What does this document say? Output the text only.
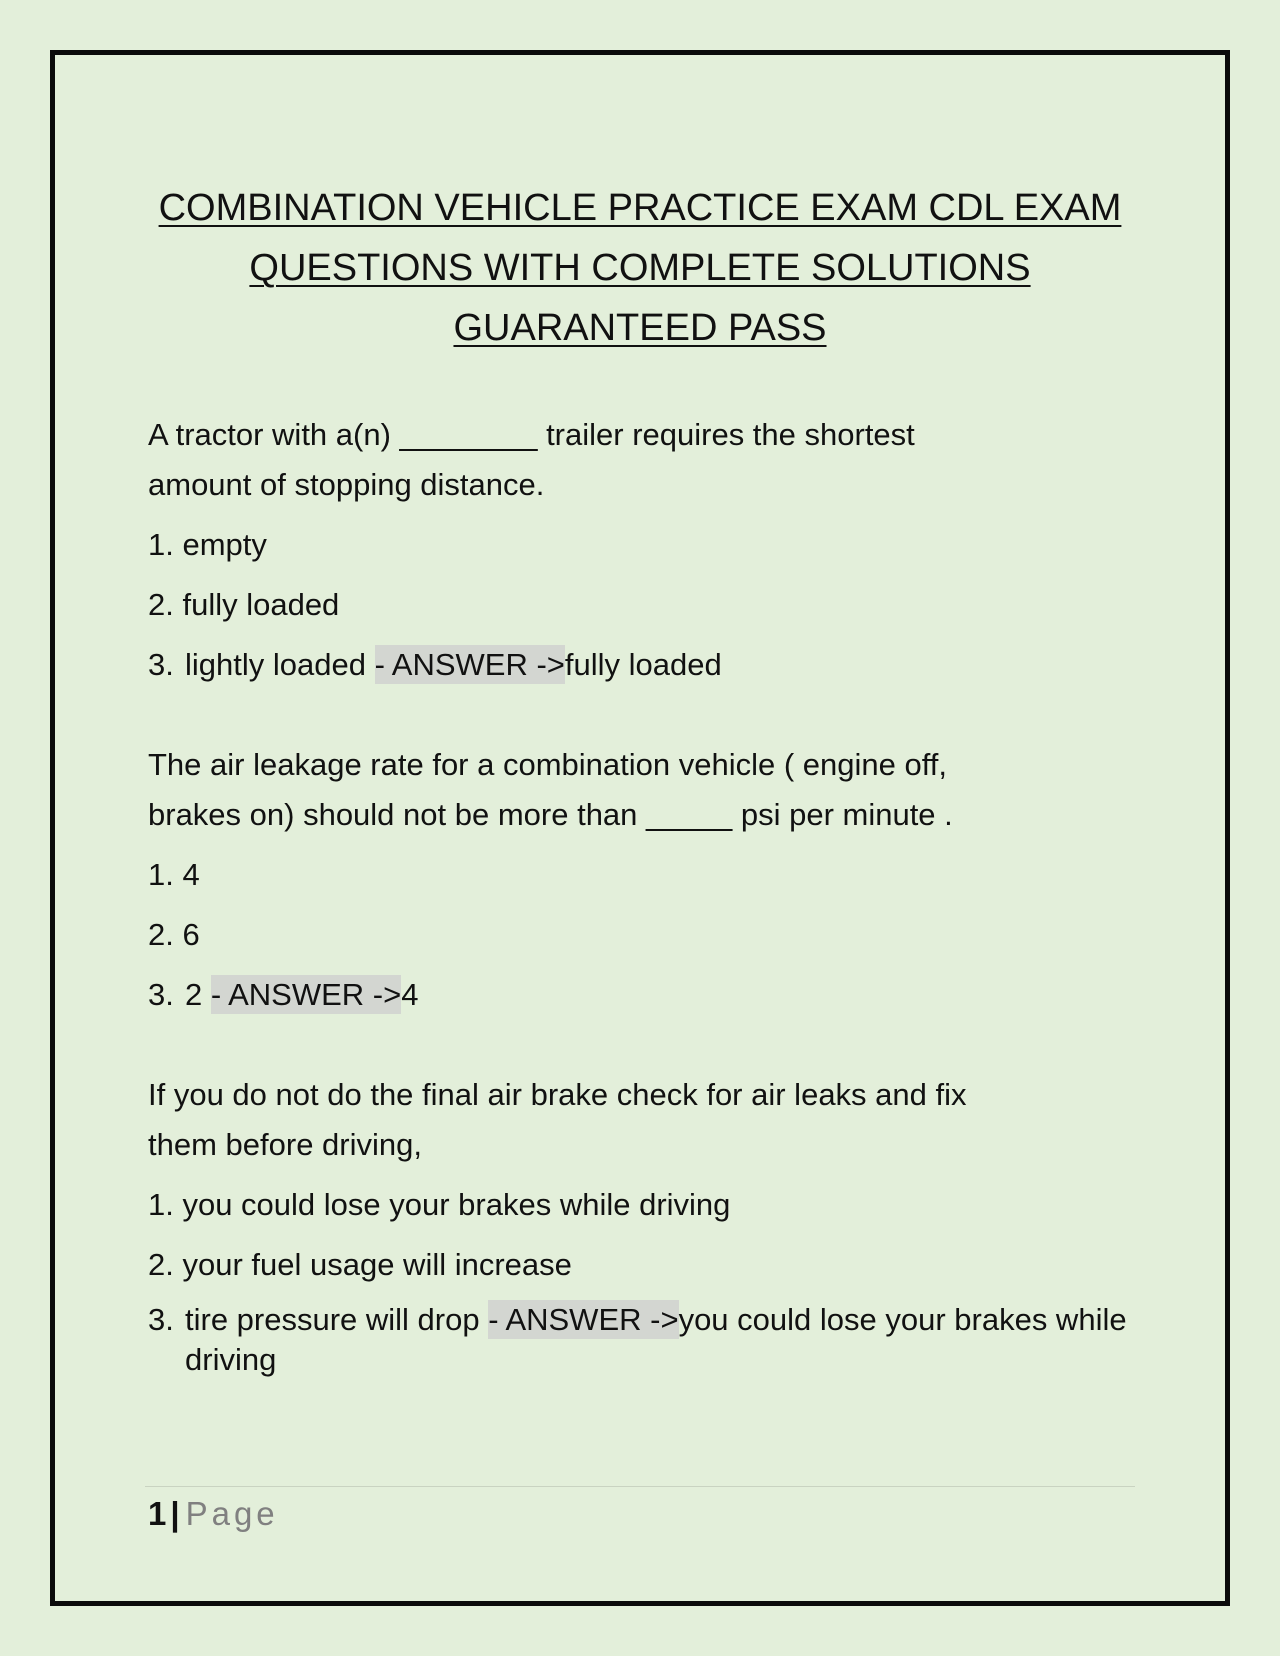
COMBINATION VEHICLE PRACTICE EXAM CDL EXAM
QUESTIONS WITH COMPLETE SOLUTIONS
GUARANTEED PASS
A tractor with a(n) ________ trailer requires the shortest
amount of stopping distance.
1. empty
2. fully loaded
3. lightly loaded - ANSWER ->fully loaded
The air leakage rate for a combination vehicle ( engine off,
brakes on) should not be more than _____ psi per minute .
1. 4
2. 6
3. 2 - ANSWER ->4
If you do not do the final air brake check for air leaks and fix
them before driving,
1. you could lose your brakes while driving
2. your fuel usage will increase
3. tire pressure will drop - ANSWER ->you could lose your brakes while driving
1 | Page
